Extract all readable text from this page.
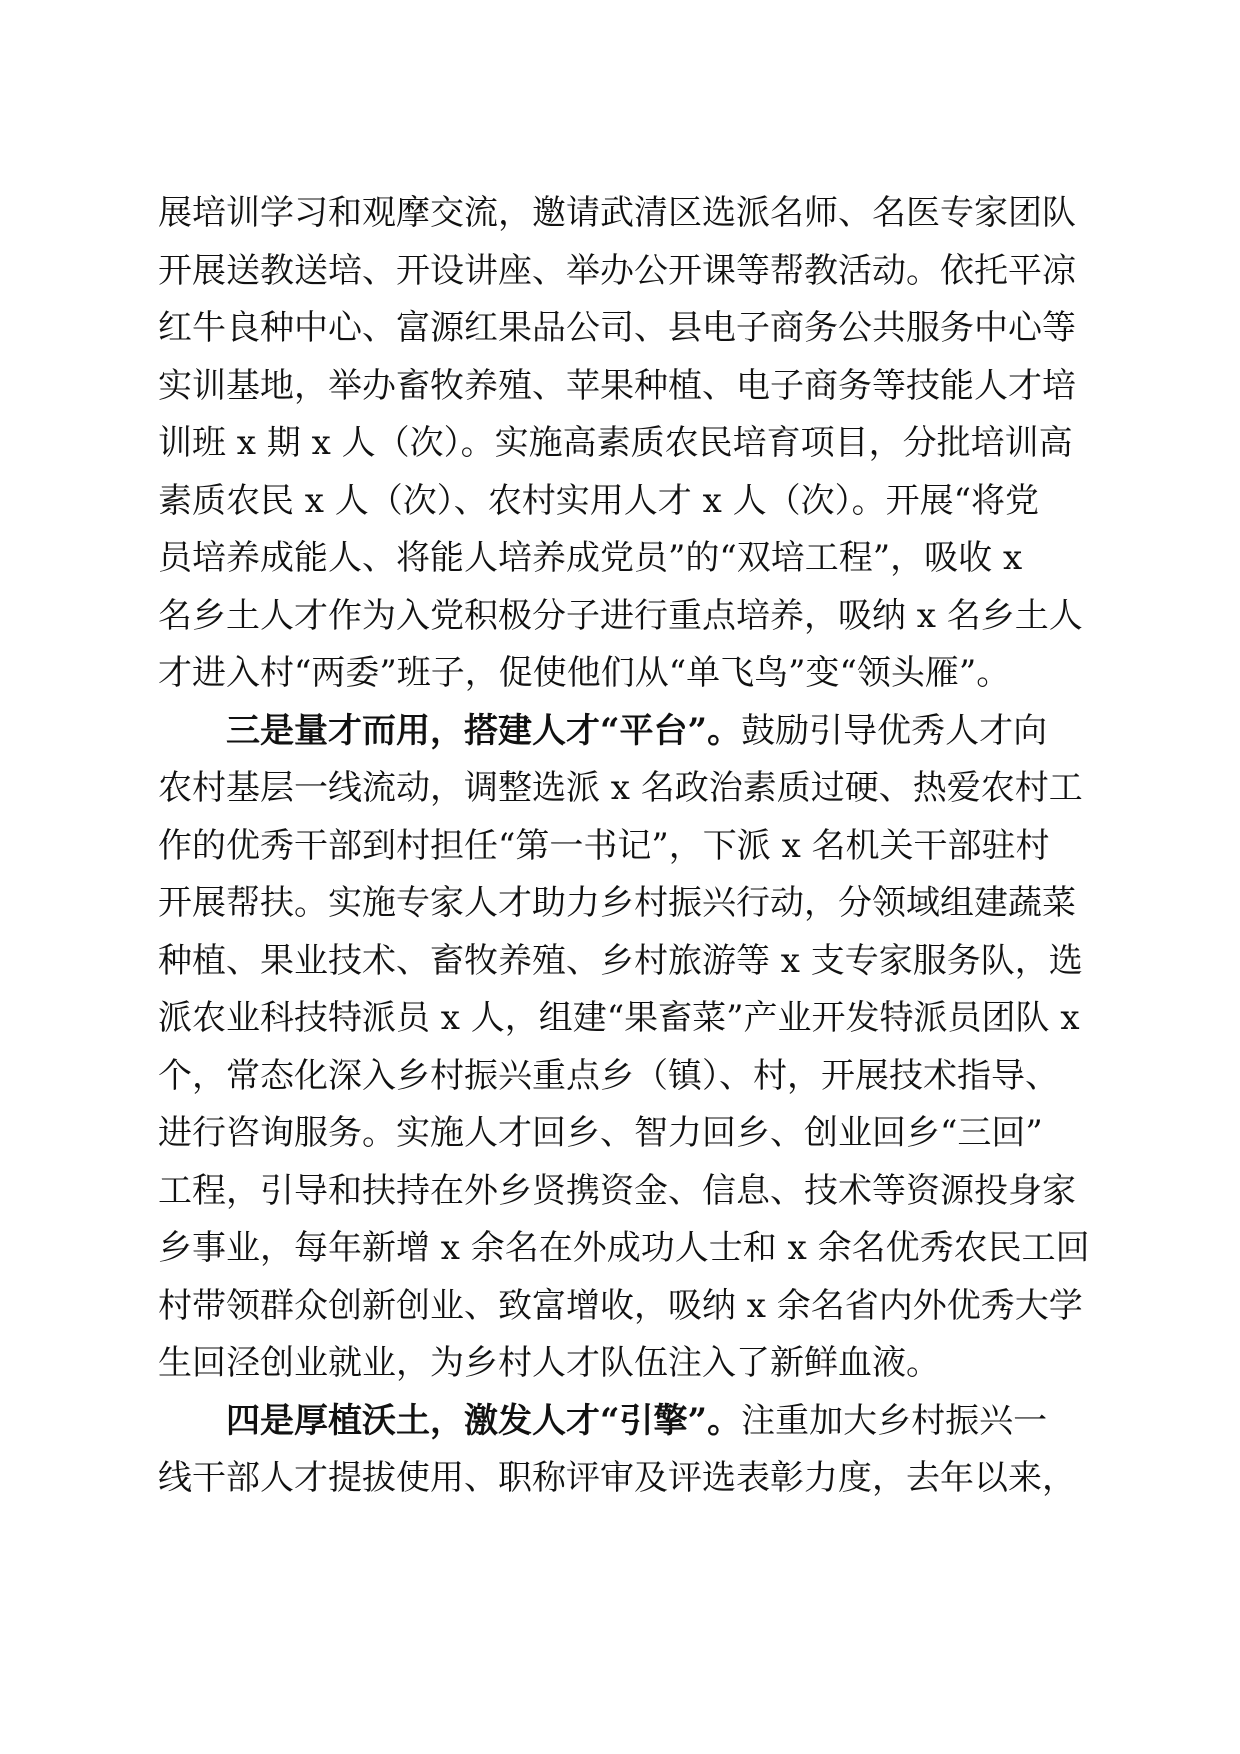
展培训学习和观摩交流，邀请武清区选派名师、名医专家团队
开展送教送培、开设讲座、举办公开课等帮教活动。依托平凉
红牛良种中心、富源红果品公司、县电子商务公共服务中心等
实训基地，举办畜牧养殖、苹果种植、电子商务等技能人才培
训班 x 期 x 人（次）。实施高素质农民培育项目，分批培训高
素质农民 x 人（次）、农村实用人才 x 人（次）。开展“将党
员培养成能人、将能人培养成党员”的“双培工程”，吸收 x
名乡土人才作为入党积极分子进行重点培养，吸纳 x 名乡土人
才进入村“两委”班子，促使他们从“单飞鸟”变“领头雁”。
三是量才而用，搭建人才“平台”。鼓励引导优秀人才向
农村基层一线流动，调整选派 x 名政治素质过硬、热爱农村工
作的优秀干部到村担任“第一书记”，下派 x 名机关干部驻村
开展帮扶。实施专家人才助力乡村振兴行动，分领域组建蔬菜
种植、果业技术、畜牧养殖、乡村旅游等 x 支专家服务队，选
派农业科技特派员 x 人，组建“果畜菜”产业开发特派员团队 x
个，常态化深入乡村振兴重点乡（镇）、村，开展技术指导、
进行咨询服务。实施人才回乡、智力回乡、创业回乡“三回”
工程，引导和扶持在外乡贤携资金、信息、技术等资源投身家
乡事业，每年新增 x 余名在外成功人士和 x 余名优秀农民工回
村带领群众创新创业、致富增收，吸纳 x 余名省内外优秀大学
生回泾创业就业，为乡村人才队伍注入了新鲜血液。
四是厚植沃土，激发人才“引擎”。注重加大乡村振兴一
线干部人才提拔使用、职称评审及评选表彰力度，去年以来，
